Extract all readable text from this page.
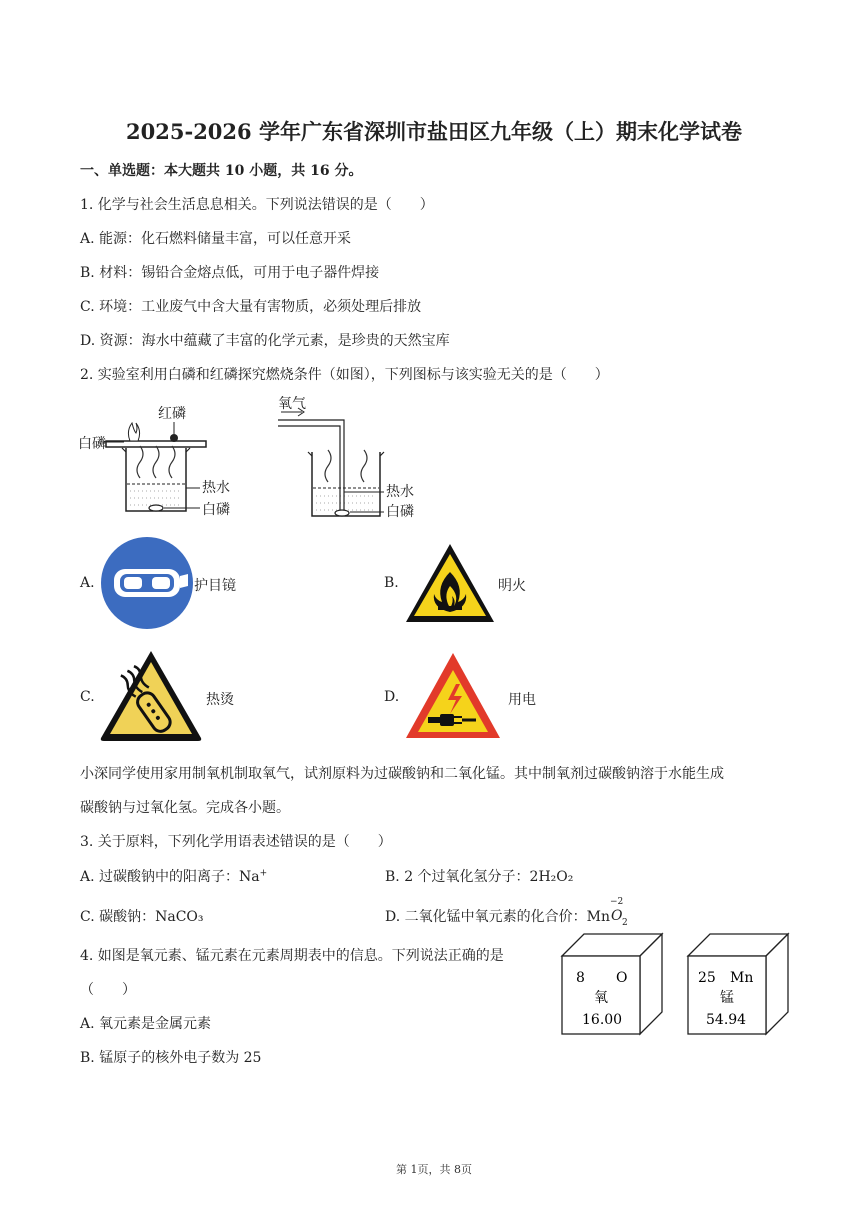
2025-2026 学年广东省深圳市盐田区九年级（上）期末化学试卷
一、单选题：本大题共 10 小题，共 16 分。
1. 化学与社会生活息息相关。下列说法错误的是（　　）
A. 能源：化石燃料储量丰富，可以任意开采
B. 材料：锡铅合金熔点低，可用于电子器件焊接
C. 环境：工业废气中含大量有害物质，必须处理后排放
D. 资源：海水中蕴藏了丰富的化学元素，是珍贵的天然宝库
2. 实验室利用白磷和红磷探究燃烧条件（如图），下列图标与该实验无关的是（　　）
红磷
白磷
热水
白磷
氧气
热水
白磷
A.	护目镜	B.	明火
C.	热烫	D.	用电
小深同学使用家用制氧机制取氧气，试剂原料为过碳酸钠和二氧化锰。其中制氧剂过碳酸钠溶于水能生成
碳酸钠与过氧化氢。完成各小题。
3. 关于原料，下列化学用语表述错误的是（　　）
A. 过碳酸钠中的阳离子：Na+	B. 2 个过氧化氢分子：2H₂O₂
C. 碳酸钠：NaCO₃	D. 二氧化锰中氧元素的化合价：Mn
−2
O $_2$
4. 如图是氧元素、锰元素在元素周期表中的信息。下列说法正确的是
（　　）
A. 氧元素是金属元素
B. 锰原子的核外电子数为 25
8 O
氧
16.00
25 Mn
锰
54.94
第 1页，共 8页
